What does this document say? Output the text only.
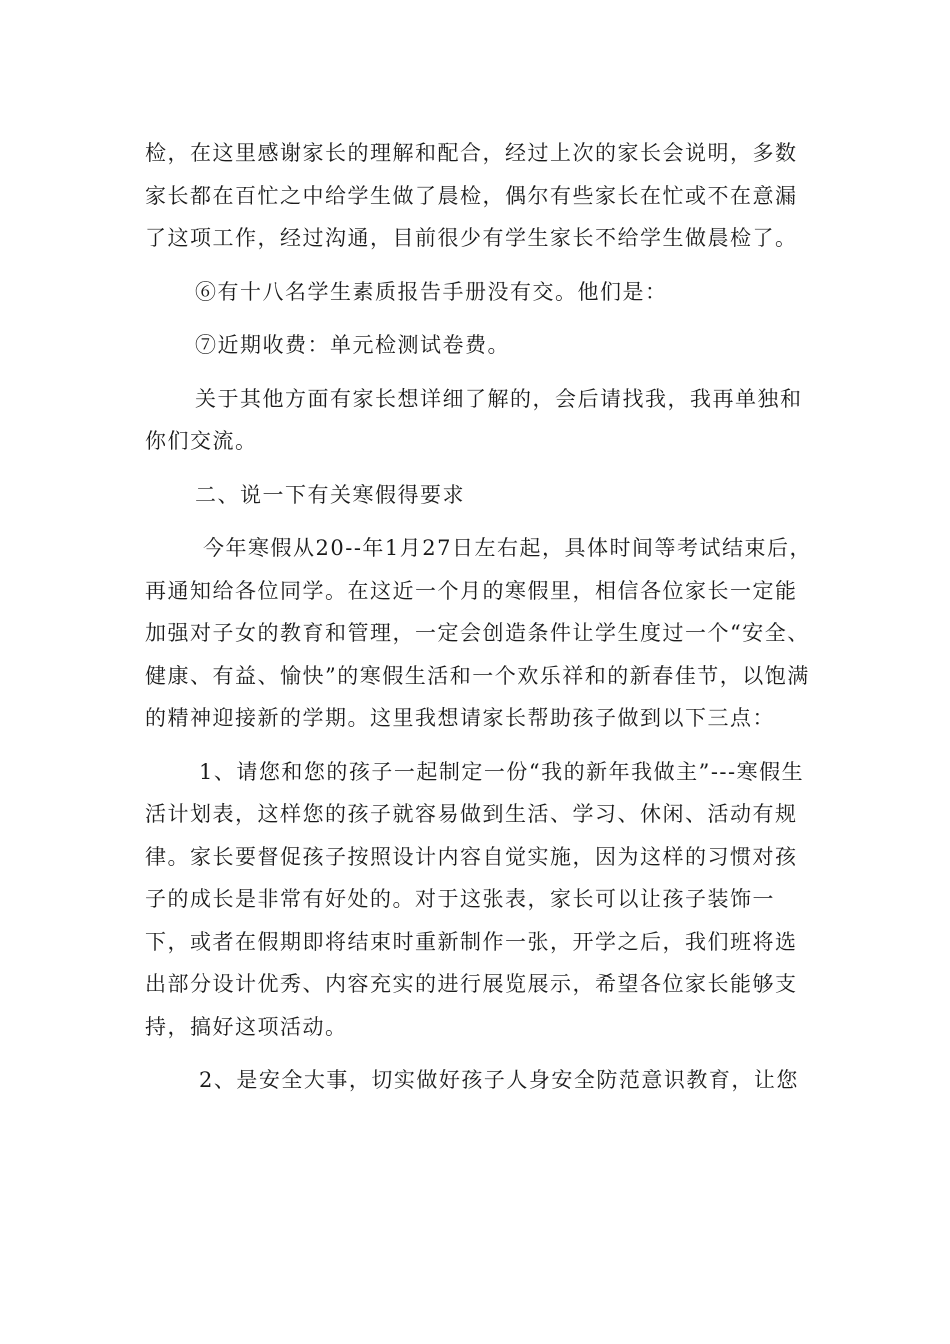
检，在这里感谢家长的理解和配合，经过上次的家长会说明，多数家长都在百忙之中给学生做了晨检，偶尔有些家长在忙或不在意漏了这项工作，经过沟通，目前很少有学生家长不给学生做晨检了。

⑥有十八名学生素质报告手册没有交。他们是：

⑦近期收费：单元检测试卷费。

关于其他方面有家长想详细了解的，会后请找我，我再单独和你们交流。

二、说一下有关寒假得要求

今年寒假从20--年1月27日左右起，具体时间等考试结束后，再通知给各位同学。在这近一个月的寒假里，相信各位家长一定能加强对子女的教育和管理，一定会创造条件让学生度过一个“安全、健康、有益、愉快”的寒假生活和一个欢乐祥和的新春佳节，以饱满的精神迎接新的学期。这里我想请家长帮助孩子做到以下三点：

1、请您和您的孩子一起制定一份“我的新年我做主”---寒假生活计划表，这样您的孩子就容易做到生活、学习、休闲、活动有规律。家长要督促孩子按照设计内容自觉实施，因为这样的习惯对孩子的成长是非常有好处的。对于这张表，家长可以让孩子装饰一下，或者在假期即将结束时重新制作一张，开学之后，我们班将选出部分设计优秀、内容充实的进行展览展示，希望各位家长能够支持，搞好这项活动。

2、是安全大事，切实做好孩子人身安全防范意识教育，让您
